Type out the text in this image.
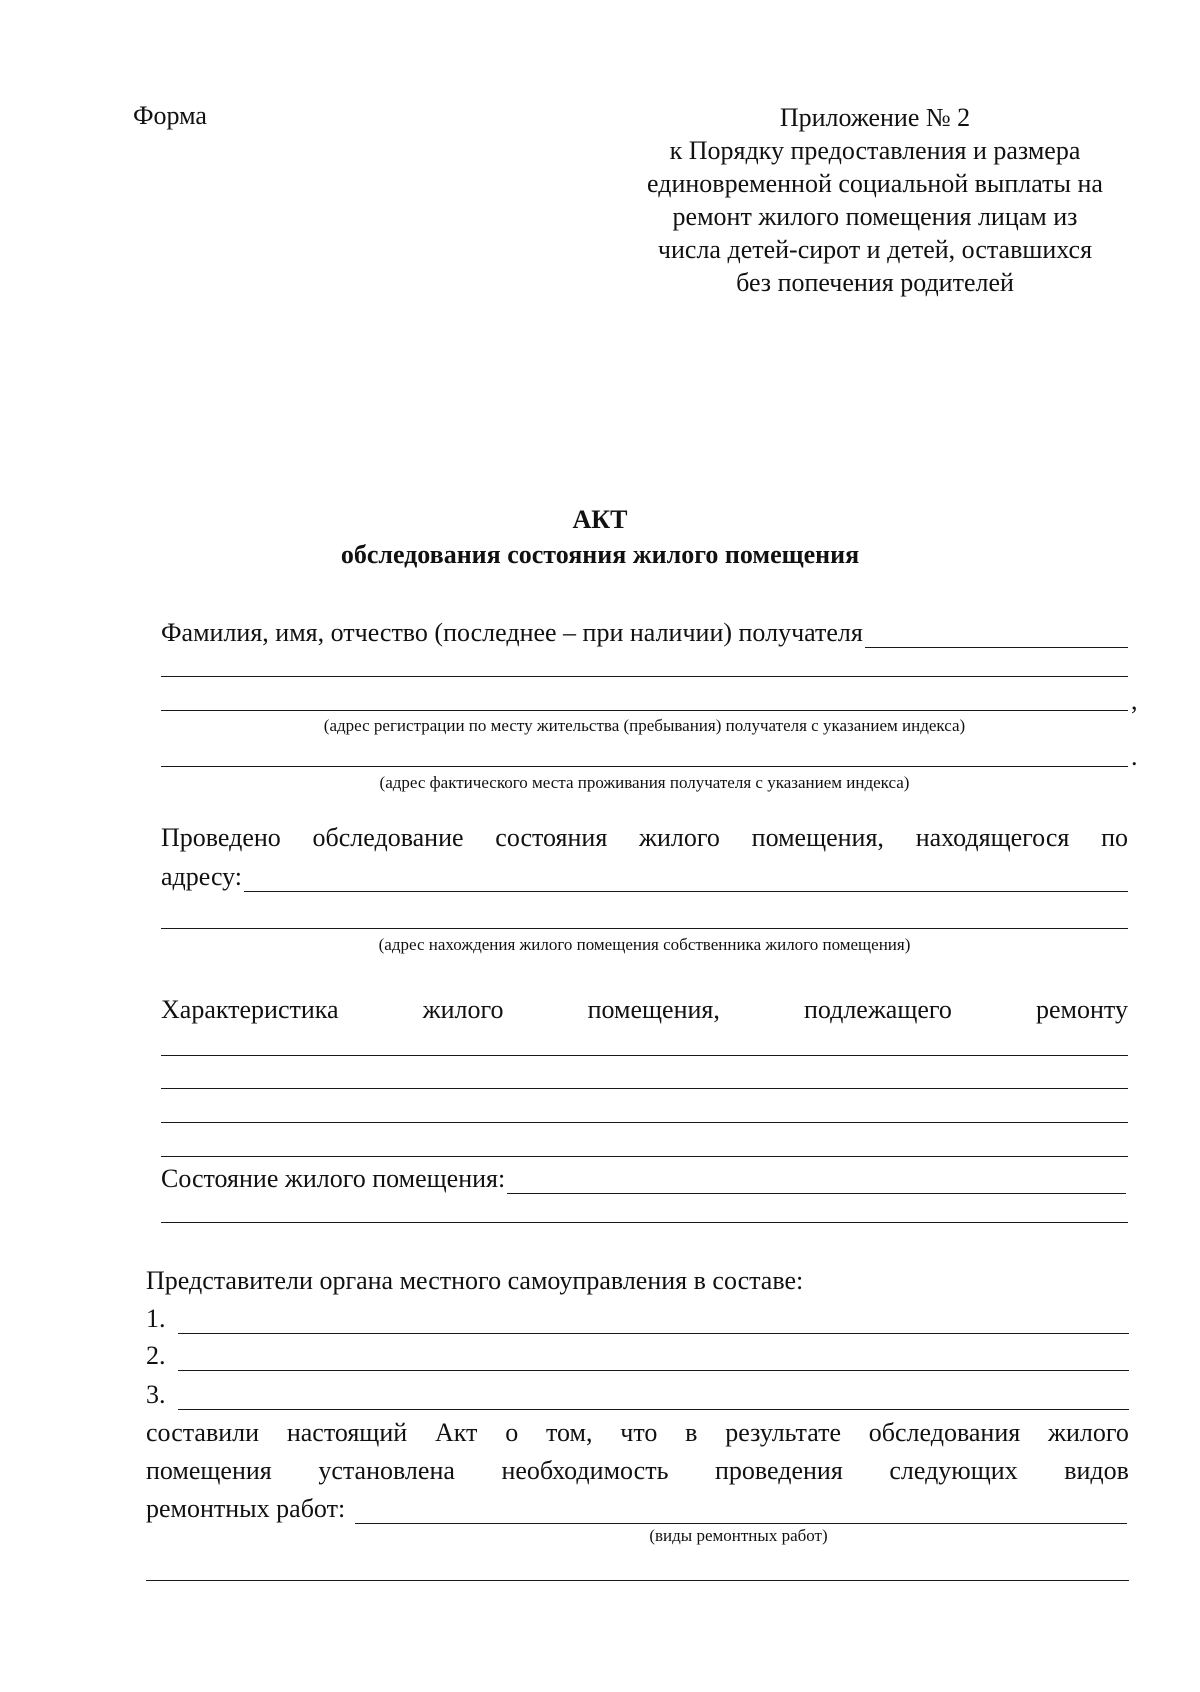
Форма	Приложение № 2
к Порядку предоставления и размера
единовременной социальной выплаты на
ремонт жилого помещения лицам из
числа детей-сирот и детей, оставшихся
без попечения родителей
АКТ
обследования состояния жилого помещения
Фамилия, имя, отчество (последнее – при наличии) получателя
,
(адрес регистрации по месту жительства (пребывания) получателя с указанием индекса)
.
(адрес фактического места проживания получателя с указанием индекса)
Проведено обследование состояния жилого помещения, находящегося по
адресу:
(адрес нахождения жилого помещения собственника жилого помещения)
Характеристика	жилого	помещения,	подлежащего	ремонту
Состояние жилого помещения:
Представители органа местного самоуправления в составе:
1.
2.
3.
составили настоящий Акт о том, что в результате обследования жилого
помещения установлена необходимость проведения следующих видов
ремонтных работ:
(виды ремонтных работ)
